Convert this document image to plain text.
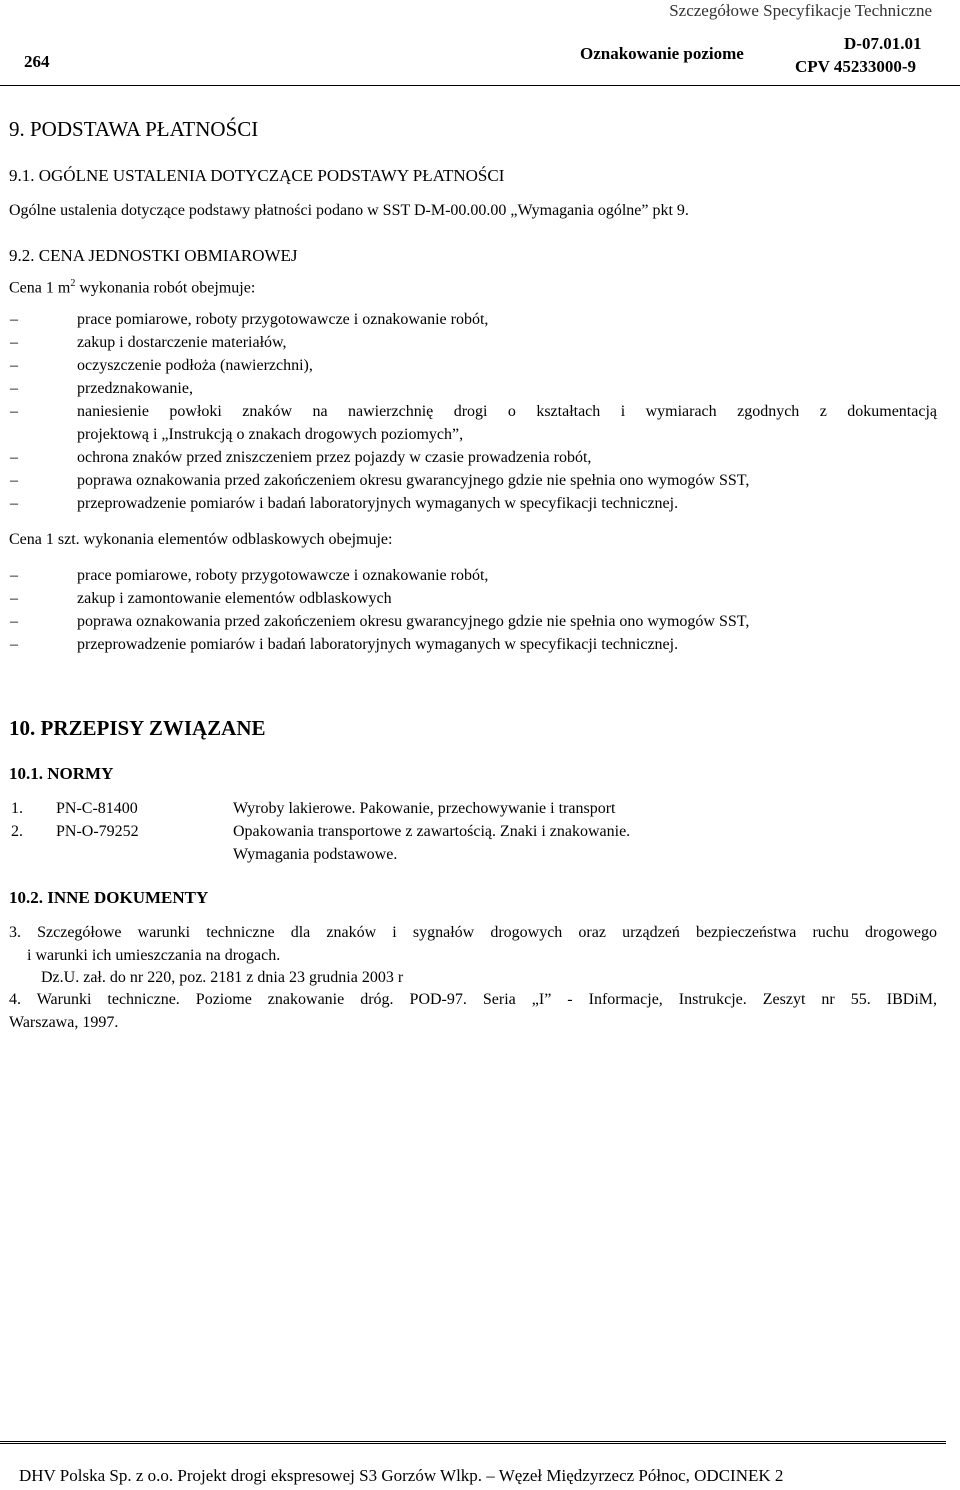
Szczegółowe Specyfikacje Techniczne
264	Oznakowanie poziome
D-07.01.01
CPV 45233000-9
9. PODSTAWA PŁATNOŚCI
9.1. OGÓLNE USTALENIA DOTYCZĄCE PODSTAWY PŁATNOŚCI
Ogólne ustalenia dotyczące podstawy płatności podano w SST D-M-00.00.00 „Wymagania ogólne” pkt 9.
9.2. CENA JEDNOSTKI OBMIAROWEJ
Cena 1 $m^2$ wykonania robót obejmuje:
–	prace pomiarowe, roboty przygotowawcze i oznakowanie robót,
–	zakup i dostarczenie materiałów,
–	oczyszczenie podłoża (nawierzchni),
–	przedznakowanie,
–	naniesienie powłoki znaków na nawierzchnię drogi o kształtach i wymiarach zgodnych z dokumentacją
projektową i „Instrukcją o znakach drogowych poziomych”,
–	ochrona znaków przed zniszczeniem przez pojazdy w czasie prowadzenia robót,
–	poprawa oznakowania przed zakończeniem okresu gwarancyjnego gdzie nie spełnia ono wymogów SST,
–	przeprowadzenie pomiarów i badań laboratoryjnych wymaganych w specyfikacji technicznej.
Cena 1 szt. wykonania elementów odblaskowych obejmuje:
–	prace pomiarowe, roboty przygotowawcze i oznakowanie robót,
–	zakup i zamontowanie elementów odblaskowych
–	poprawa oznakowania przed zakończeniem okresu gwarancyjnego gdzie nie spełnia ono wymogów SST,
–	przeprowadzenie pomiarów i badań laboratoryjnych wymaganych w specyfikacji technicznej.
10. PRZEPISY ZWIĄZANE
10.1. NORMY
1. PN-C-81400	Wyroby lakierowe. Pakowanie, przechowywanie i transport
2. PN-O-79252	Opakowania transportowe z zawartością. Znaki i znakowanie.
Wymagania podstawowe.
10.2. INNE DOKUMENTY
3. Szczegółowe warunki techniczne dla znaków i sygnałów drogowych oraz urządzeń bezpieczeństwa ruchu drogowego
i warunki ich umieszczania na drogach.
Dz.U. zał. do nr 220, poz. 2181 z dnia 23 grudnia 2003 r
4. Warunki techniczne. Poziome znakowanie dróg. POD-97. Seria „I” - Informacje, Instrukcje. Zeszyt nr 55. IBDiM,
Warszawa, 1997.
DHV Polska Sp. z o.o. Projekt drogi ekspresowej S3 Gorzów Wlkp. – Węzeł Międzyrzecz Północ, ODCINEK 2
